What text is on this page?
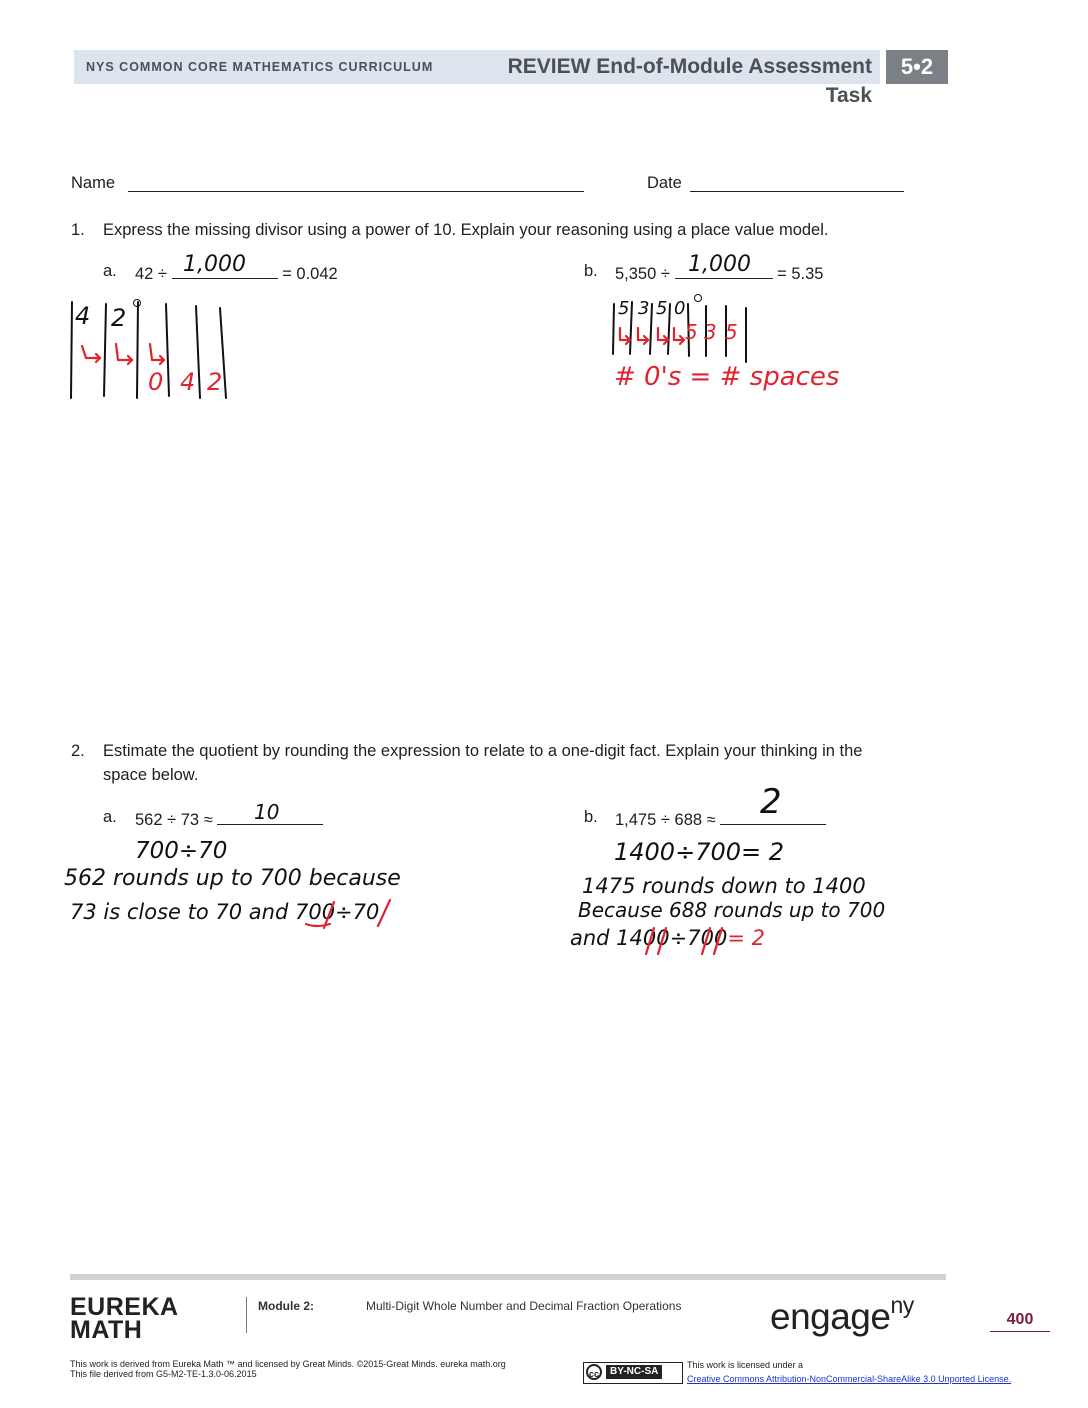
NYS COMMON CORE MATHEMATICS CURRICULUM	REVIEW End-of-Module Assessment
Task
5•2
Name	Date
1. Express the missing divisor using a power of 10. Explain your reasoning using a place value model.
a. 42 ÷	= 0.042
1,000	b. 5,350 ÷	= 5.35
1,000
4 2
0 4 2
5 3 5 0
5 3 5
# 0's = # spaces
2. Estimate the quotient by rounding the expression to relate to a one-digit fact. Explain your thinking in the
space below.
a. 562 ÷ 73 ≈	10	b. 1,475 ÷ 688 ≈	2
700÷70
562 rounds up to 700 because
73 is close to 70 and 700÷70
1400÷700= 2
1475 rounds down to 1400
Because 688 rounds up to 700
and 1400÷700= 2
EUREKA
MATH
Module 2:	Multi-Digit Whole Number and Decimal Fraction Operations engage$^{ny}$
400
This work is derived from Eureka Math ™ and licensed by Great Minds. ©2015-Great Minds. eureka math.org
This file derived from G5-M2-TE-1.3.0-06.2015	cc	BY-NC-SA
This work is licensed under a
Creative Commons Attribution-NonCommercial-ShareAlike 3.0 Unported License.
